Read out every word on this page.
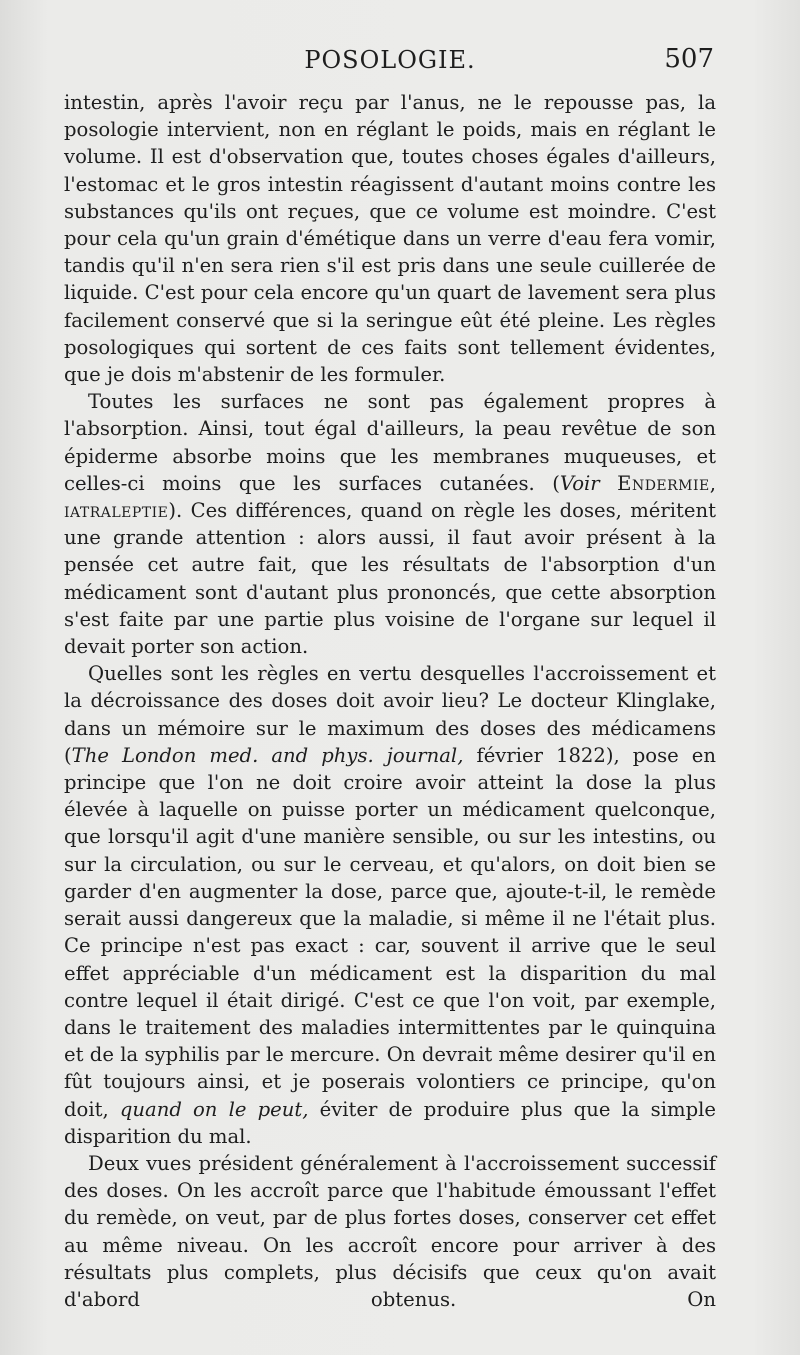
POSOLOGIE.	507

intestin, après l'avoir reçu par l'anus, ne le repousse pas, la posologie intervient, non en réglant le poids, mais en réglant le volume. Il est d'observation que, toutes choses égales d'ailleurs, l'estomac et le gros intestin réagissent d'autant moins contre les substances qu'ils ont reçues, que ce volume est moindre. C'est pour cela qu'un grain d'émétique dans un verre d'eau fera vomir, tandis qu'il n'en sera rien s'il est pris dans une seule cuillerée de liquide. C'est pour cela encore qu'un quart de lavement sera plus facilement conservé que si la seringue eût été pleine. Les règles posologiques qui sortent de ces faits sont tellement évidentes, que je dois m'abstenir de les formuler.

Toutes les surfaces ne sont pas également propres à l'absorption. Ainsi, tout égal d'ailleurs, la peau revêtue de son épiderme absorbe moins que les membranes muqueuses, et celles-ci moins que les surfaces cutanées. (Voir Endermie, iatraleptie). Ces différences, quand on règle les doses, méritent une grande attention : alors aussi, il faut avoir présent à la pensée cet autre fait, que les résultats de l'absorption d'un médicament sont d'autant plus prononcés, que cette absorption s'est faite par une partie plus voisine de l'organe sur lequel il devait porter son action.

Quelles sont les règles en vertu desquelles l'accroissement et la décroissance des doses doit avoir lieu? Le docteur Klinglake, dans un mémoire sur le maximum des doses des médicamens (The London med. and phys. journal, février 1822), pose en principe que l'on ne doit croire avoir atteint la dose la plus élevée à laquelle on puisse porter un médicament quelconque, que lorsqu'il agit d'une manière sensible, ou sur les intestins, ou sur la circulation, ou sur le cerveau, et qu'alors, on doit bien se garder d'en augmenter la dose, parce que, ajoute-t-il, le remède serait aussi dangereux que la maladie, si même il ne l'était plus. Ce principe n'est pas exact : car, souvent il arrive que le seul effet appréciable d'un médicament est la disparition du mal contre lequel il était dirigé. C'est ce que l'on voit, par exemple, dans le traitement des maladies intermittentes par le quinquina et de la syphilis par le mercure. On devrait même desirer qu'il en fût toujours ainsi, et je poserais volontiers ce principe, qu'on doit, quand on le peut, éviter de produire plus que la simple disparition du mal.

Deux vues président généralement à l'accroissement successif des doses. On les accroît parce que l'habitude émoussant l'effet du remède, on veut, par de plus fortes doses, conserver cet effet au même niveau. On les accroît encore pour arriver à des résultats plus complets, plus décisifs que ceux qu'on avait d'abord obtenus. On
